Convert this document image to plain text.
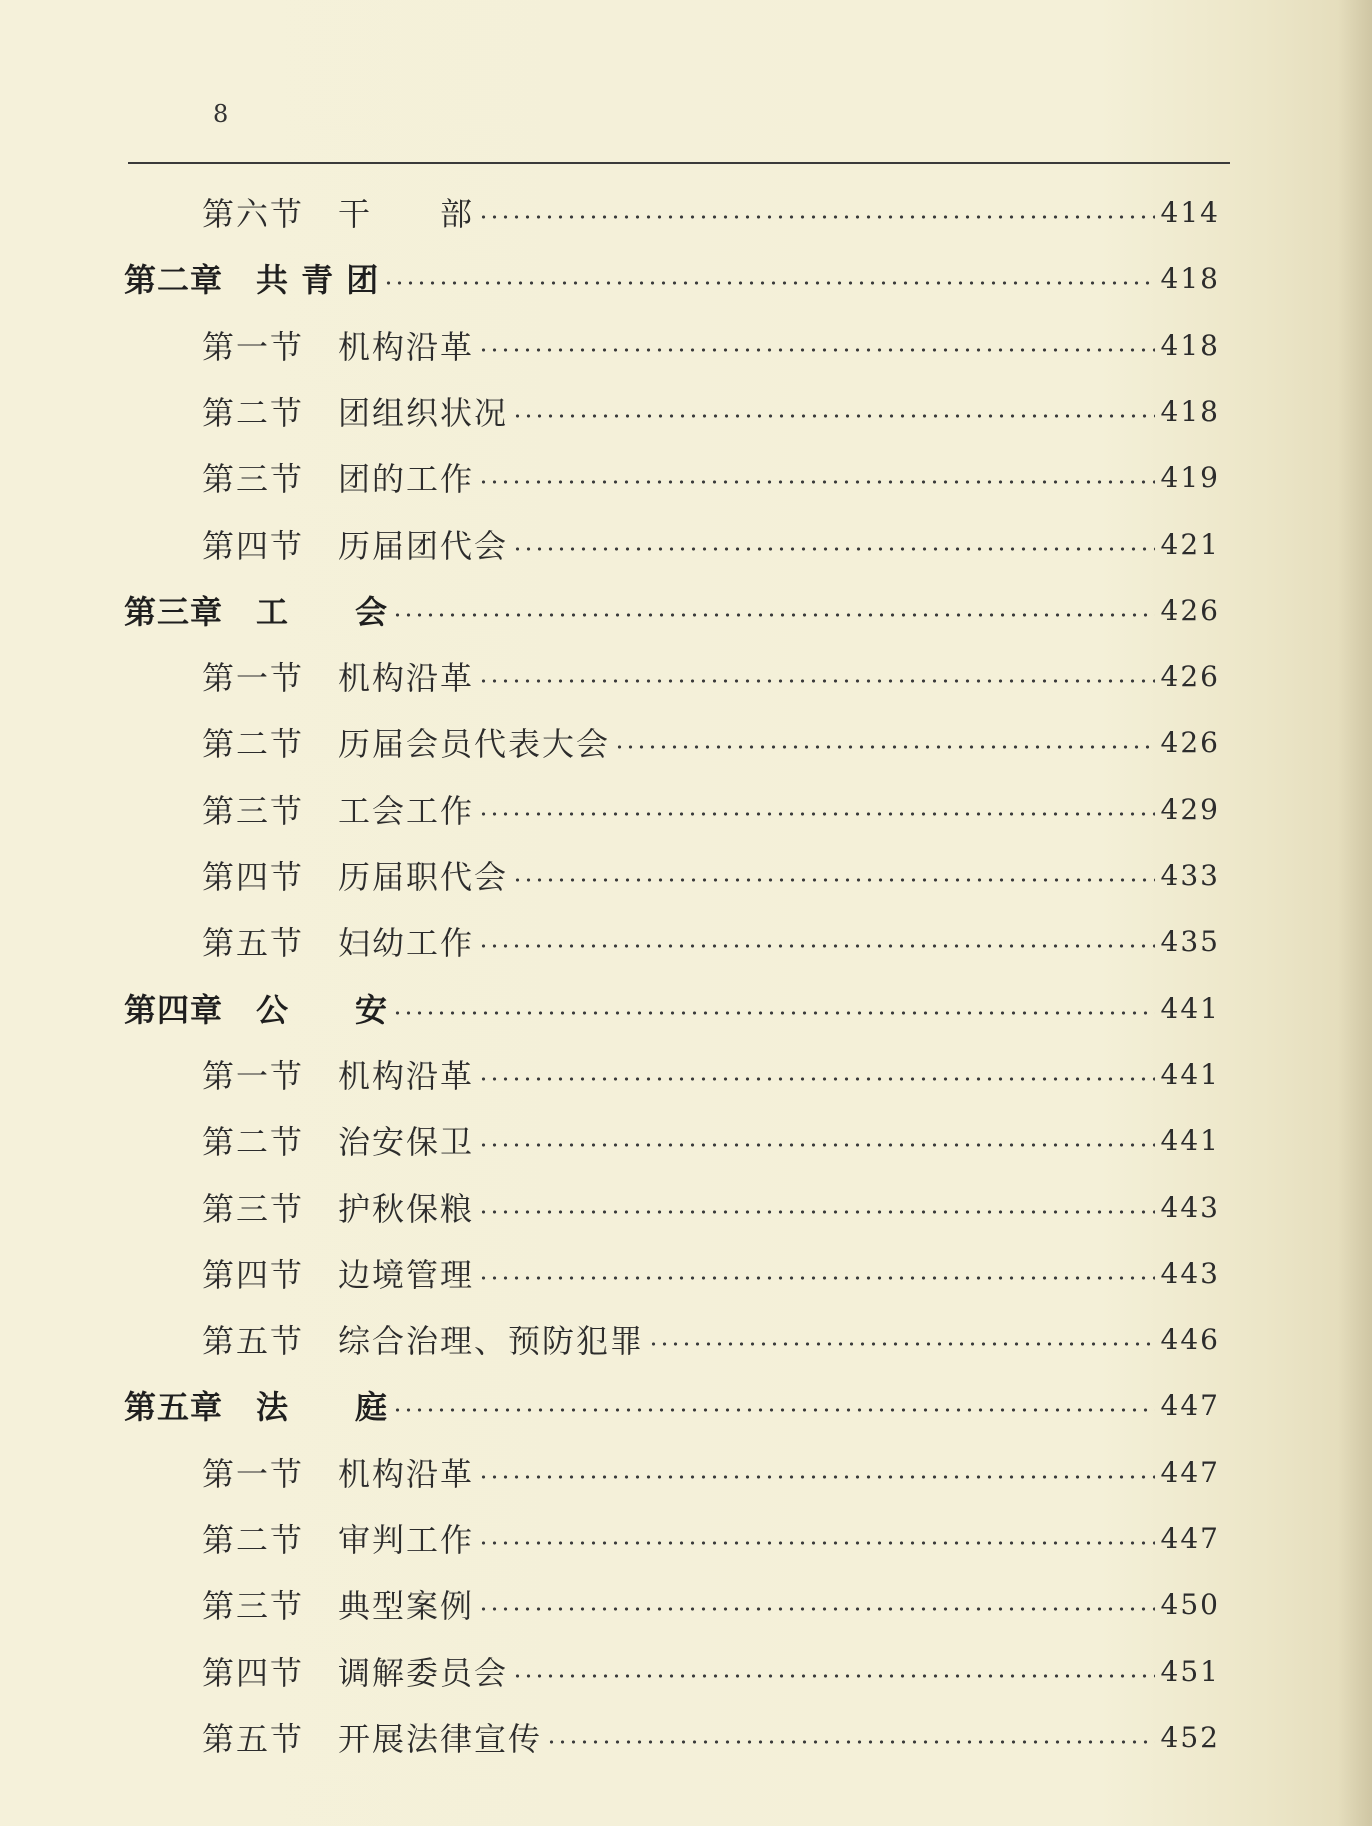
8
第六节　干　　部	414
第二章　共 青 团	418
第一节　机构沿革	418
第二节　团组织状况	418
第三节　团的工作	419
第四节　历届团代会	421
第三章　工　　会	426
第一节　机构沿革	426
第二节　历届会员代表大会	426
第三节　工会工作	429
第四节　历届职代会	433
第五节　妇幼工作	435
第四章　公　　安	441
第一节　机构沿革	441
第二节　治安保卫	441
第三节　护秋保粮	443
第四节　边境管理	443
第五节　综合治理、预防犯罪	446
第五章　法　　庭	447
第一节　机构沿革	447
第二节　审判工作	447
第三节　典型案例	450
第四节　调解委员会	451
第五节　开展法律宣传	452
